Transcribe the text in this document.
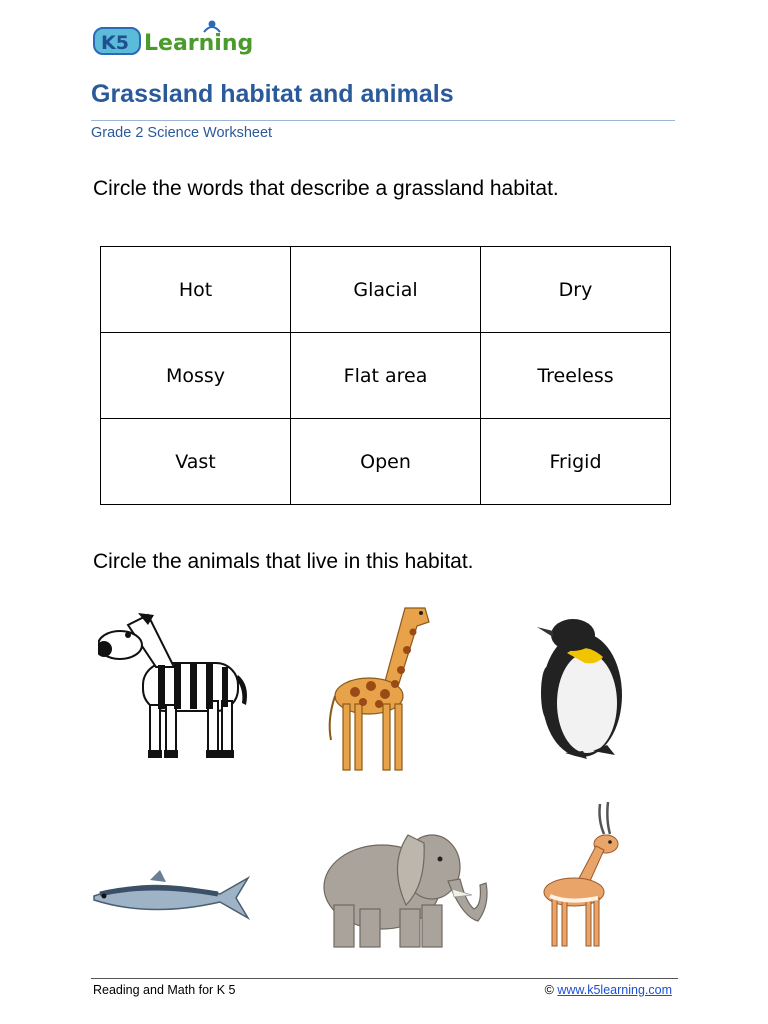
K5 Learning
Grassland habitat and animals
Grade 2 Science Worksheet
Circle the words that describe a grassland habitat.
Hot	Glacial	Dry
Mossy	Flat area	Treeless
Vast	Open	Frigid
Circle the animals that live in this habitat.
Reading and Math for K 5	© www.k5learning.com
